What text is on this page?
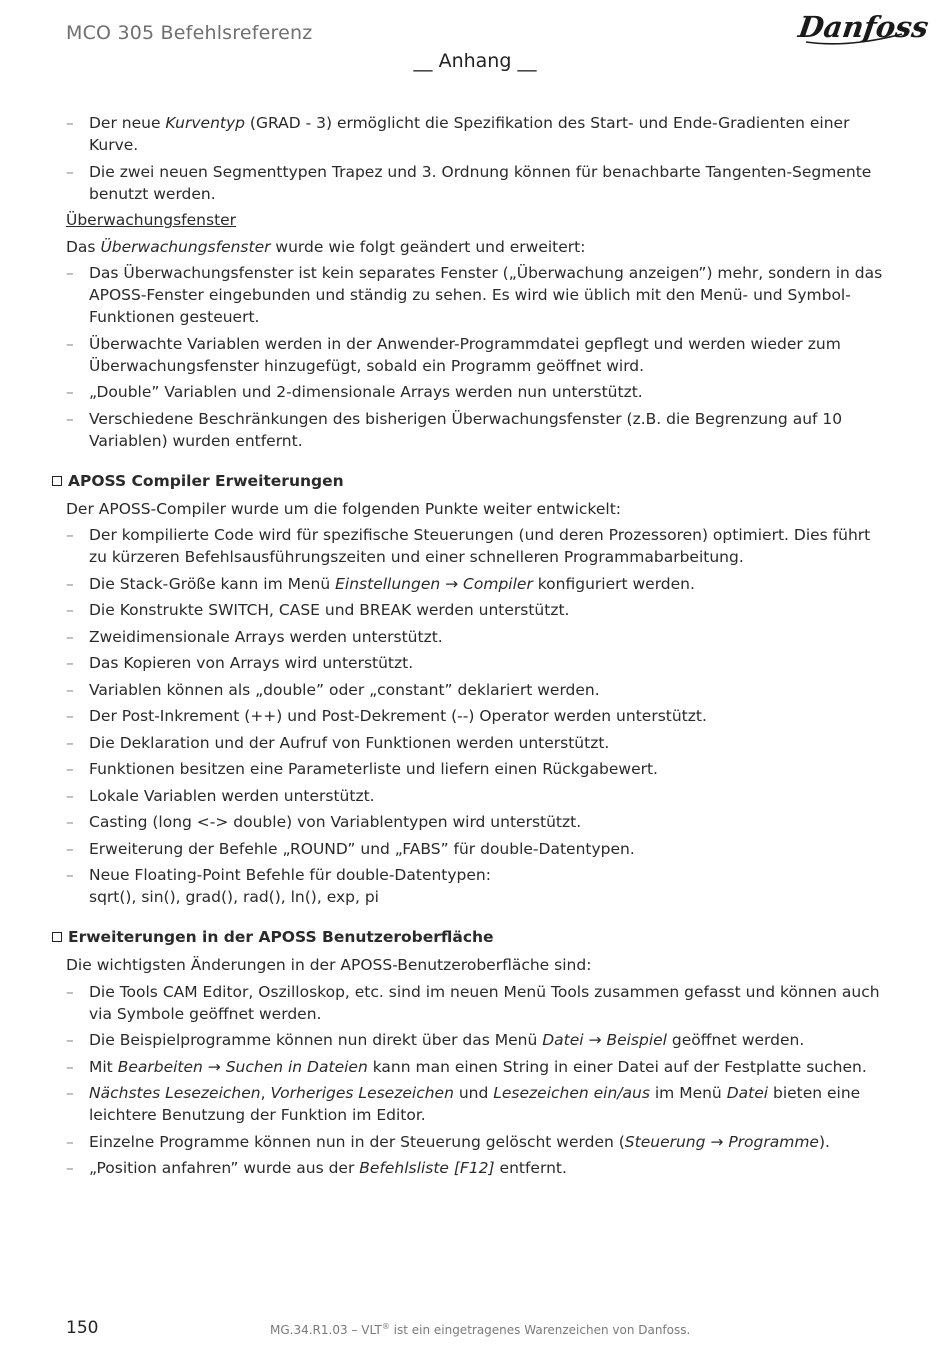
MCO 305 Befehlsreferenz	Danfoss
__ Anhang __
– Der neue Kurventyp (GRAD - 3) ermöglicht die Spezifikation des Start- und Ende-Gradienten einer Kurve.
– Die zwei neuen Segmenttypen Trapez und 3. Ordnung können für benachbarte Tangenten-Segmente benutzt werden.
Überwachungsfenster
Das Überwachungsfenster wurde wie folgt geändert und erweitert:
– Das Überwachungsfenster ist kein separates Fenster („Überwachung anzeigen”) mehr, sondern in das APOSS-Fenster eingebunden und ständig zu sehen. Es wird wie üblich mit den Menü- und Symbol-Funktionen gesteuert.
– Überwachte Variablen werden in der Anwender-Programmdatei gepflegt und werden wieder zum Überwachungsfenster hinzugefügt, sobald ein Programm geöffnet wird.
– „Double” Variablen und 2-dimensionale Arrays werden nun unterstützt.
– Verschiedene Beschränkungen des bisherigen Überwachungsfenster (z.B. die Begrenzung auf 10 Variablen) wurden entfernt.
APOSS Compiler Erweiterungen
Der APOSS-Compiler wurde um die folgenden Punkte weiter entwickelt:
– Der kompilierte Code wird für spezifische Steuerungen (und deren Prozessoren) optimiert. Dies führt zu kürzeren Befehlsausführungszeiten und einer schnelleren Programmabarbeitung.
– Die Stack-Größe kann im Menü Einstellungen → Compiler konfiguriert werden.
– Die Konstrukte SWITCH, CASE und BREAK werden unterstützt.
– Zweidimensionale Arrays werden unterstützt.
– Das Kopieren von Arrays wird unterstützt.
– Variablen können als „double” oder „constant” deklariert werden.
– Der Post-Inkrement (++) und Post-Dekrement (--) Operator werden unterstützt.
– Die Deklaration und der Aufruf von Funktionen werden unterstützt.
– Funktionen besitzen eine Parameterliste und liefern einen Rückgabewert.
– Lokale Variablen werden unterstützt.
– Casting (long <-> double) von Variablentypen wird unterstützt.
– Erweiterung der Befehle „ROUND” und „FABS” für double-Datentypen.
– Neue Floating-Point Befehle für double-Datentypen:
sqrt(), sin(), grad(), rad(), ln(), exp, pi
Erweiterungen in der APOSS Benutzeroberfläche
Die wichtigsten Änderungen in der APOSS-Benutzeroberfläche sind:
– Die Tools CAM Editor, Oszilloskop, etc. sind im neuen Menü Tools zusammen gefasst und können auch via Symbole geöffnet werden.
– Die Beispielprogramme können nun direkt über das Menü Datei → Beispiel geöffnet werden.
– Mit Bearbeiten → Suchen in Dateien kann man einen String in einer Datei auf der Festplatte suchen.
– Nächstes Lesezeichen, Vorheriges Lesezeichen und Lesezeichen ein/aus im Menü Datei bieten eine leichtere Benutzung der Funktion im Editor.
– Einzelne Programme können nun in der Steuerung gelöscht werden (Steuerung → Programme).
– „Position anfahren” wurde aus der Befehlsliste [F12] entfernt.
150	MG.34.R1.03 – VLT® ist ein eingetragenes Warenzeichen von Danfoss.
